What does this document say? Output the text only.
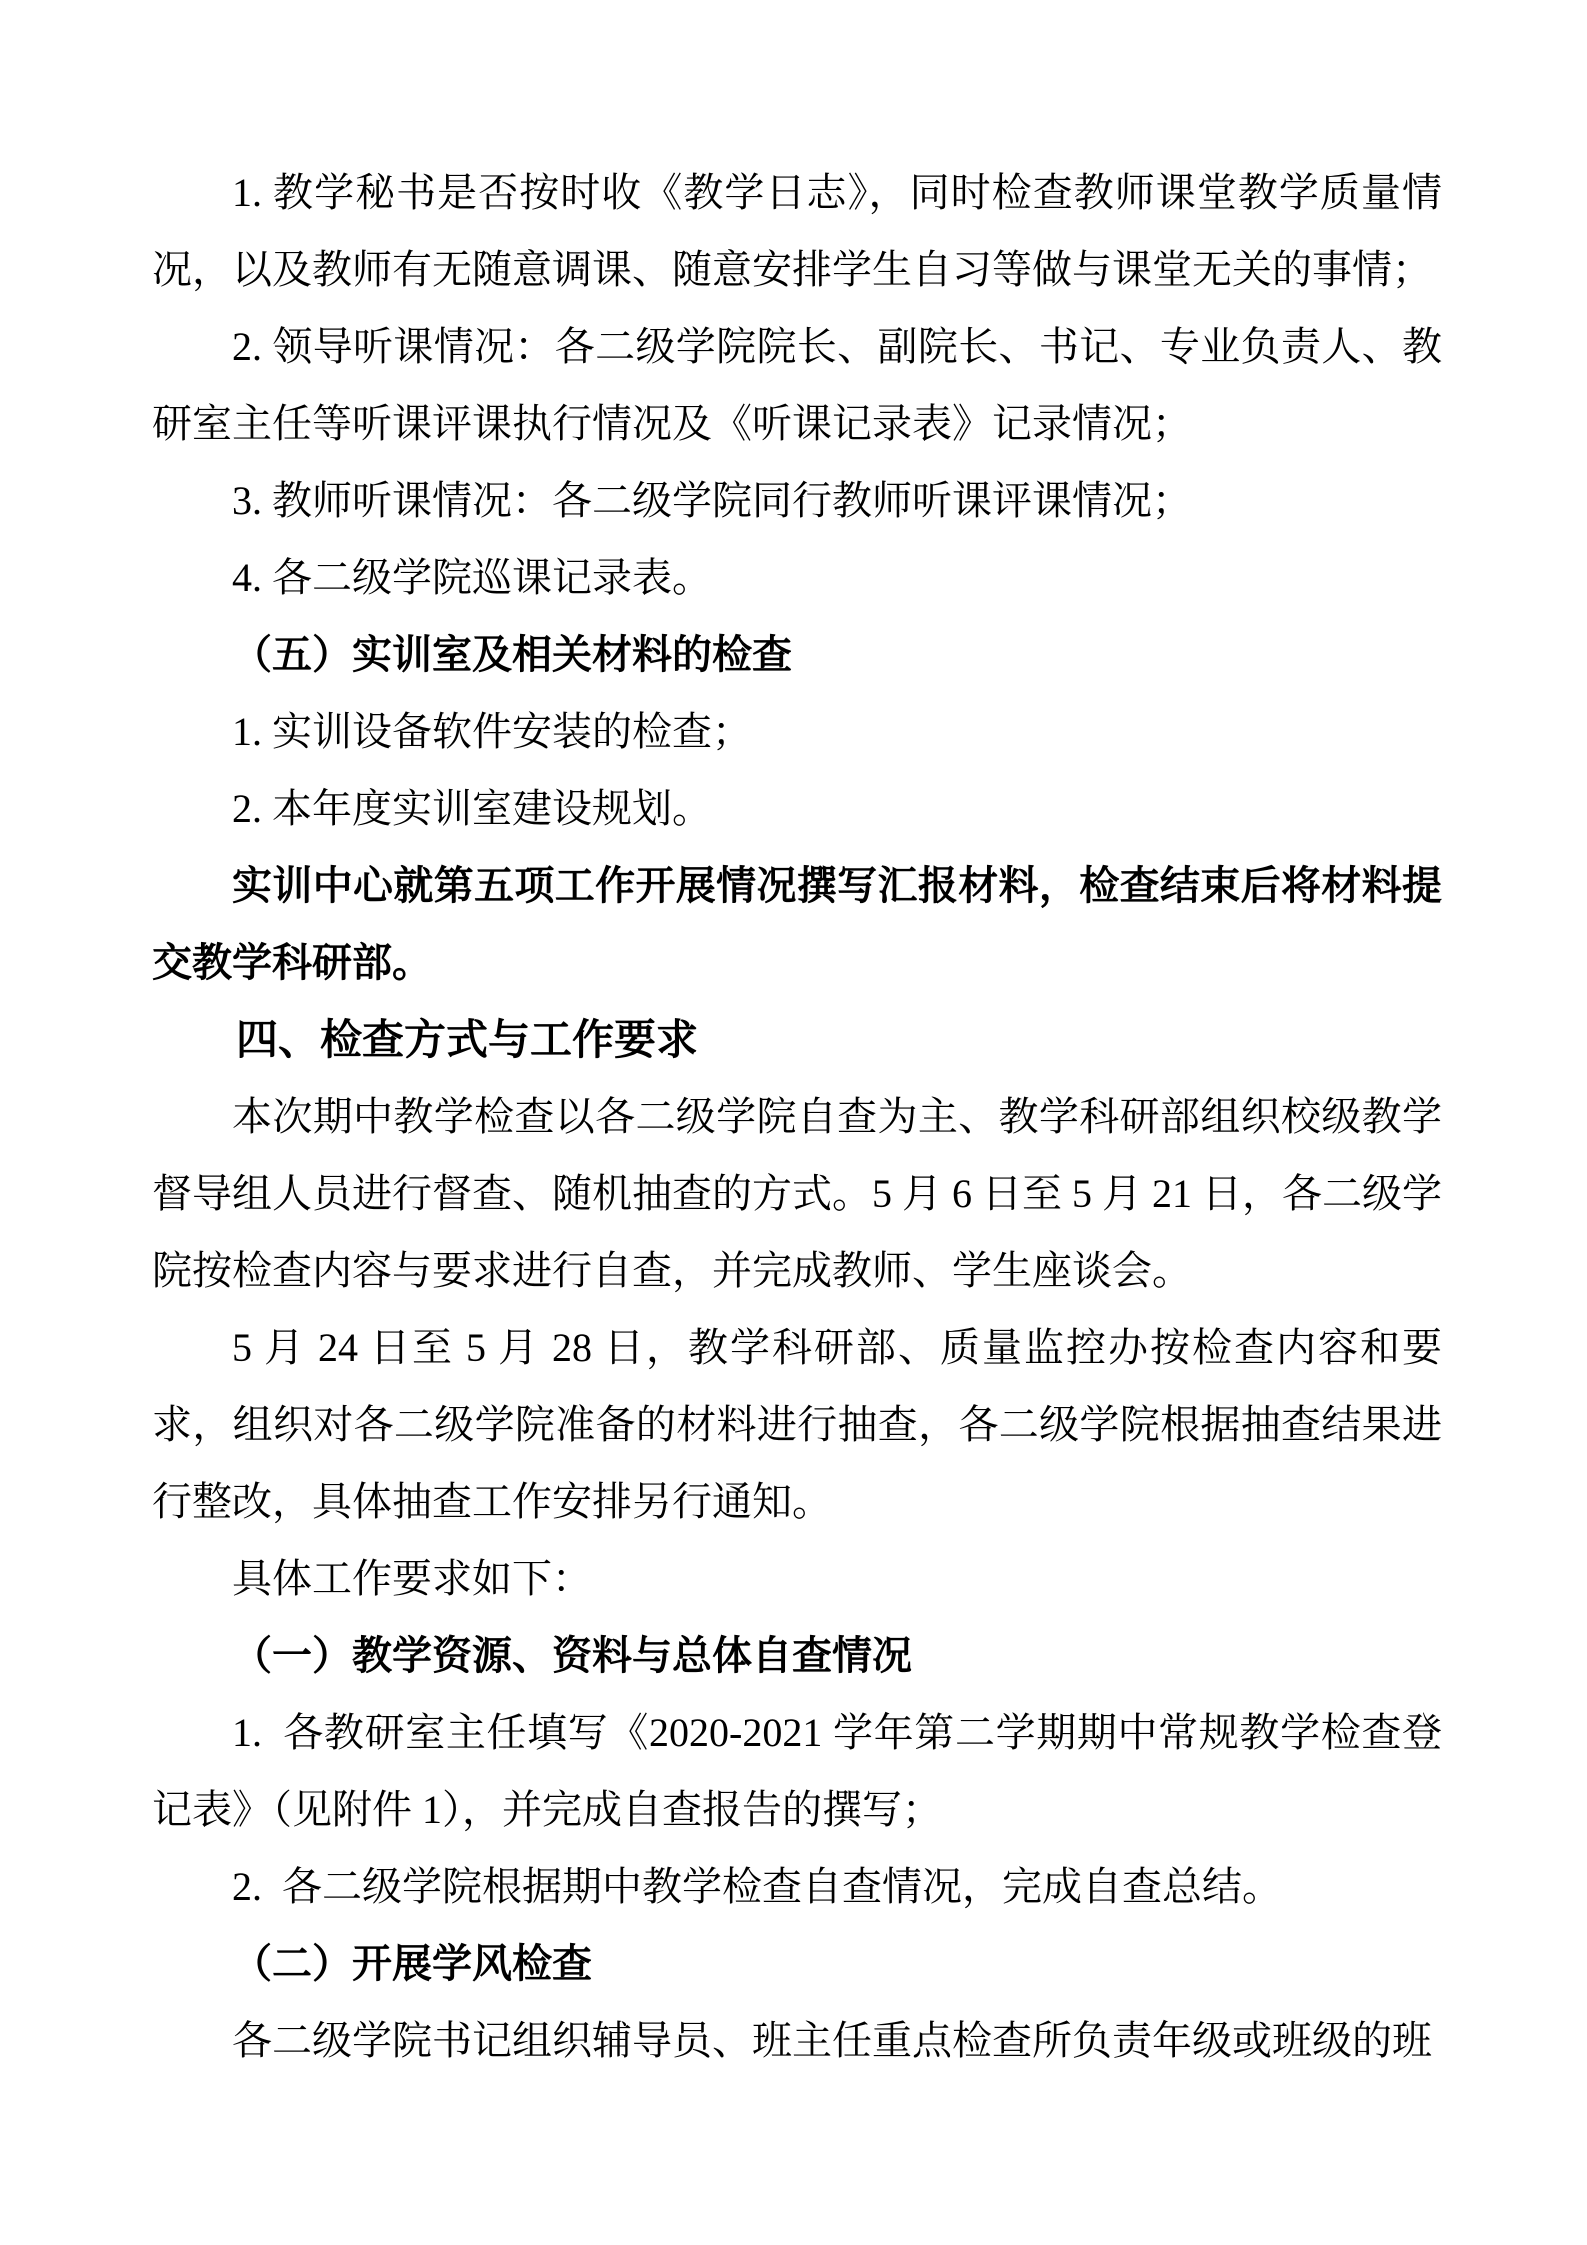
1. 教学秘书是否按时收《教学日志》，同时检查教师课堂教学质量情况，以及教师有无随意调课、随意安排学生自习等做与课堂无关的事情；

2. 领导听课情况：各二级学院院长、副院长、书记、专业负责人、教研室主任等听课评课执行情况及《听课记录表》记录情况；

3. 教师听课情况：各二级学院同行教师听课评课情况；

4. 各二级学院巡课记录表。

（五）实训室及相关材料的检查

1. 实训设备软件安装的检查；

2. 本年度实训室建设规划。

实训中心就第五项工作开展情况撰写汇报材料，检查结束后将材料提交教学科研部。

四、检查方式与工作要求

本次期中教学检查以各二级学院自查为主、教学科研部组织校级教学督导组人员进行督查、随机抽查的方式。5 月 6 日至 5 月 21 日，各二级学院按检查内容与要求进行自查，并完成教师、学生座谈会。

5 月 24 日至 5 月 28 日，教学科研部、质量监控办按检查内容和要求，组织对各二级学院准备的材料进行抽查，各二级学院根据抽查结果进行整改，具体抽查工作安排另行通知。

具体工作要求如下：

（一）教学资源、资料与总体自查情况

1.  各教研室主任填写《2020-2021 学年第二学期期中常规教学检查登记表》（见附件 1），并完成自查报告的撰写；

2.  各二级学院根据期中教学检查自查情况，完成自查总结。

（二）开展学风检查

各二级学院书记组织辅导员、班主任重点检查所负责年级或班级的班
